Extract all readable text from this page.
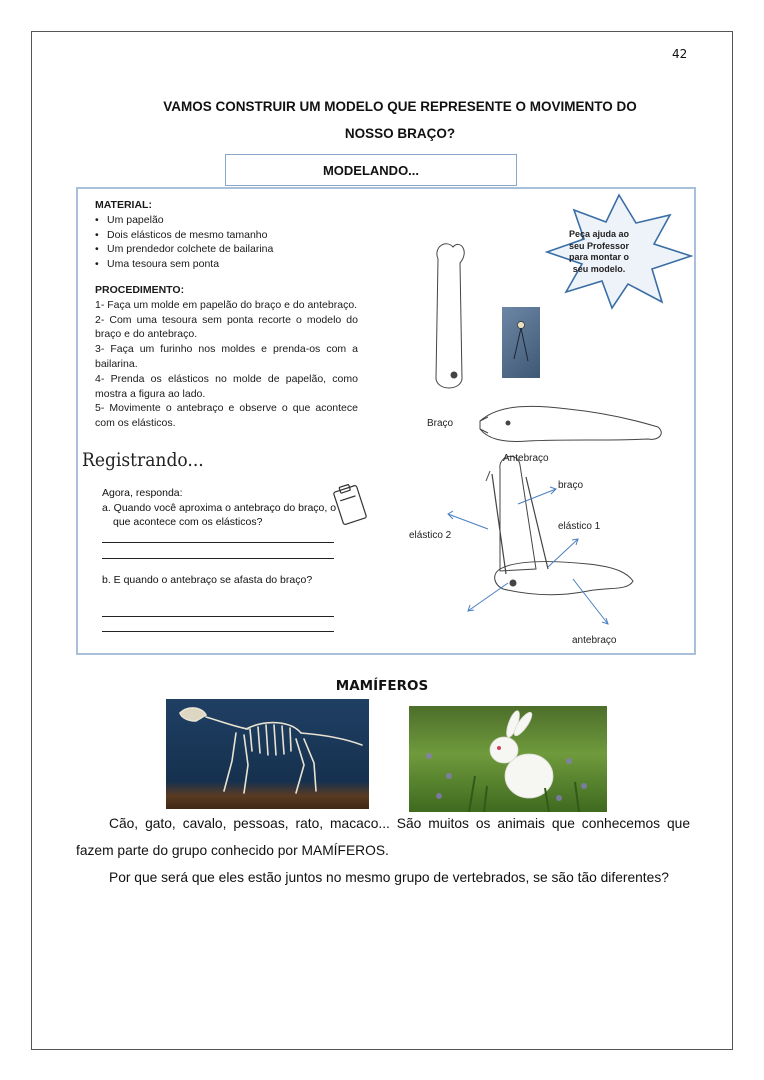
42
VAMOS CONSTRUIR UM MODELO QUE REPRESENTE O MOVIMENTO DO
NOSSO BRAÇO?
MODELANDO...
MATERIAL:
• Um papelão
• Dois elásticos de mesmo tamanho
• Um prendedor colchete de bailarina
• Uma tesoura sem ponta
PROCEDIMENTO:
1- Faça um molde em papelão do braço e do antebraço.
2- Com uma tesoura sem ponta recorte o modelo do braço e do antebraço.
3- Faça um furinho nos moldes e prenda-os com a bailarina.
4- Prenda os elásticos no molde de papelão, como mostra a figura ao lado.
5- Movimente o antebraço e observe o que acontece com os elásticos.
Registrando...
Agora, responda:
a. Quando você aproxima o antebraço do braço, o que acontece com os elásticos?
b. E quando o antebraço se afasta do braço?
Peça ajuda ao seu Professor para montar o seu modelo.
Braço
Antebraço
braço
elástico 1
elástico 2
antebraço
MAMÍFEROS
Cão, gato, cavalo, pessoas, rato, macaco... São muitos os animais que conhecemos que fazem parte do grupo conhecido por MAMÍFEROS.
Por que será que eles estão juntos no mesmo grupo de vertebrados, se são tão diferentes?
